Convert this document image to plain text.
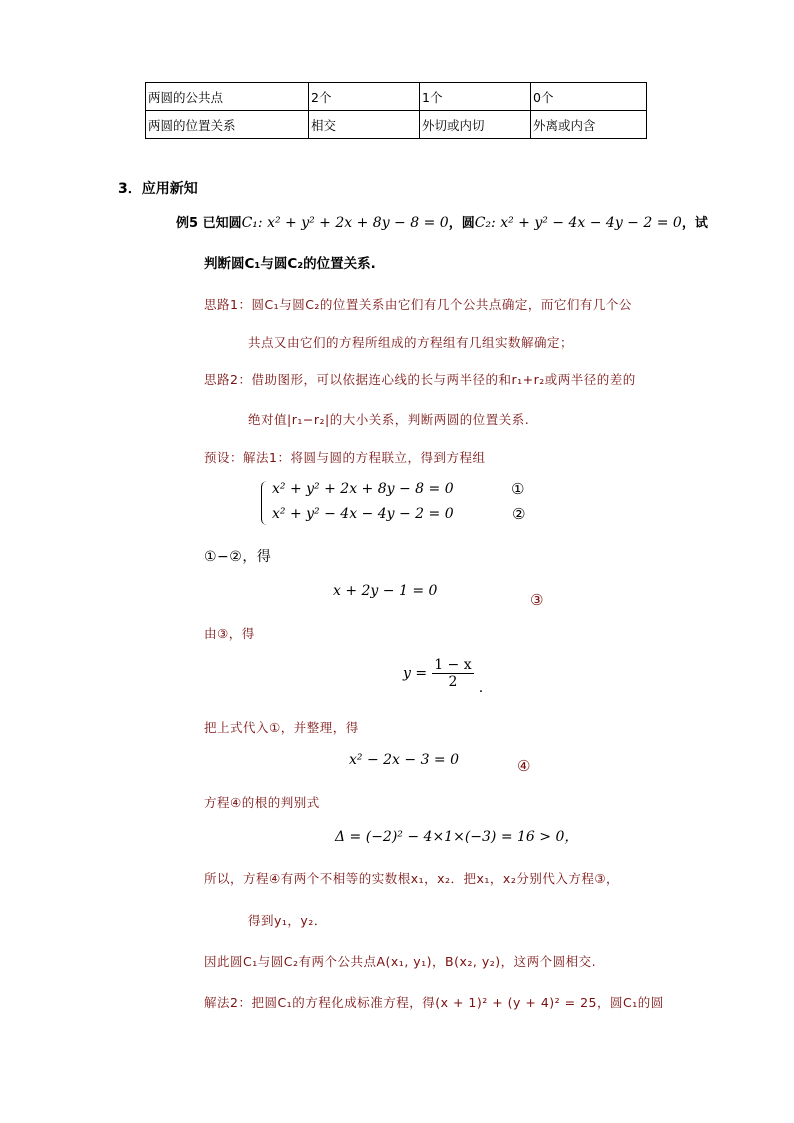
两圆的公共点	2个	1个	0个
两圆的位置关系	相交	外切或内切	外离或内含
3．应用新知
例5 已知圆C₁: x² + y² + 2x + 8y − 8 = 0，圆C₂: x² + y² − 4x − 4y − 2 = 0，试
判断圆C₁与圆C₂的位置关系.
思路1：圆C₁与圆C₂的位置关系由它们有几个公共点确定，而它们有几个公
共点又由它们的方程所组成的方程组有几组实数解确定；
思路2：借助图形，可以依据连心线的长与两半径的和r₁+r₂或两半径的差的
绝对值|r₁−r₂|的大小关系，判断两圆的位置关系.
预设：解法1：将圆与圆的方程联立，得到方程组
x² + y² + 2x + 8y − 8 = 0
x² + y² − 4x − 4y − 2 = 0
①
②
①−②，得
x + 2y − 1 = 0	③
由③，得
$y = \frac{1 - x}{2}$ .
把上式代入①，并整理，得
x² − 2x − 3 = 0	④
方程④的根的判别式
Δ = (−2)² − 4×1×(−3) = 16 > 0，
所以，方程④有两个不相等的实数根x₁，x₂．把x₁，x₂分别代入方程③，
得到y₁，y₂．
因此圆C₁与圆C₂有两个公共点A(x₁, y₁)，B(x₂, y₂)，这两个圆相交.
解法2：把圆C₁的方程化成标准方程，得(x + 1)² + (y + 4)² = 25，圆C₁的圆
